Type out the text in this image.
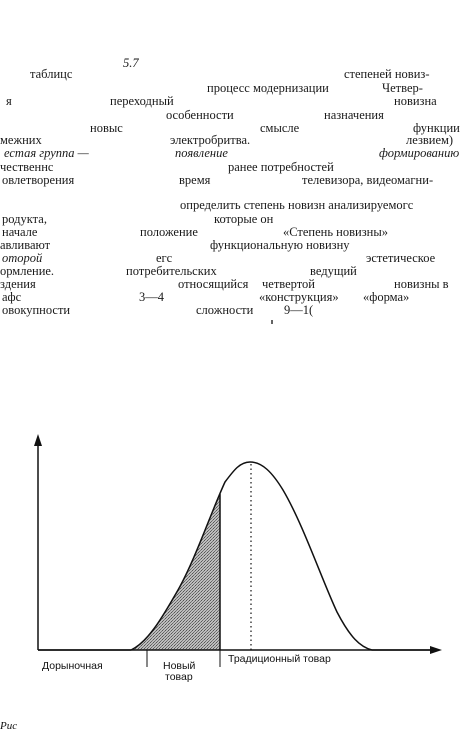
5.7
таблицс	степеней новиз-
процесс модернизации	Четвер-
я	переходный	новизна
особенности	назначения
новыс	смысле	функции
межних	электробритва.	лезвием)
естая группа —	появление	формированию
чественнс	ранее потребностей
овлетворения	время	телевизора, видеомагни-
определить степень новизн анализируемогс
родукта,	которые он
начале	положение	«Степень новизны»
авливают	функциональную новизну
оторой	егс	эстетическое
ормление.	потребительских	ведущий
здения	относящийся четвертой	новизны в
афс	3—4	«конструкция» «форма»
овокупности	сложности 9—1(
Дорыночная	Новый
товар
Традиционный товар
Рис
